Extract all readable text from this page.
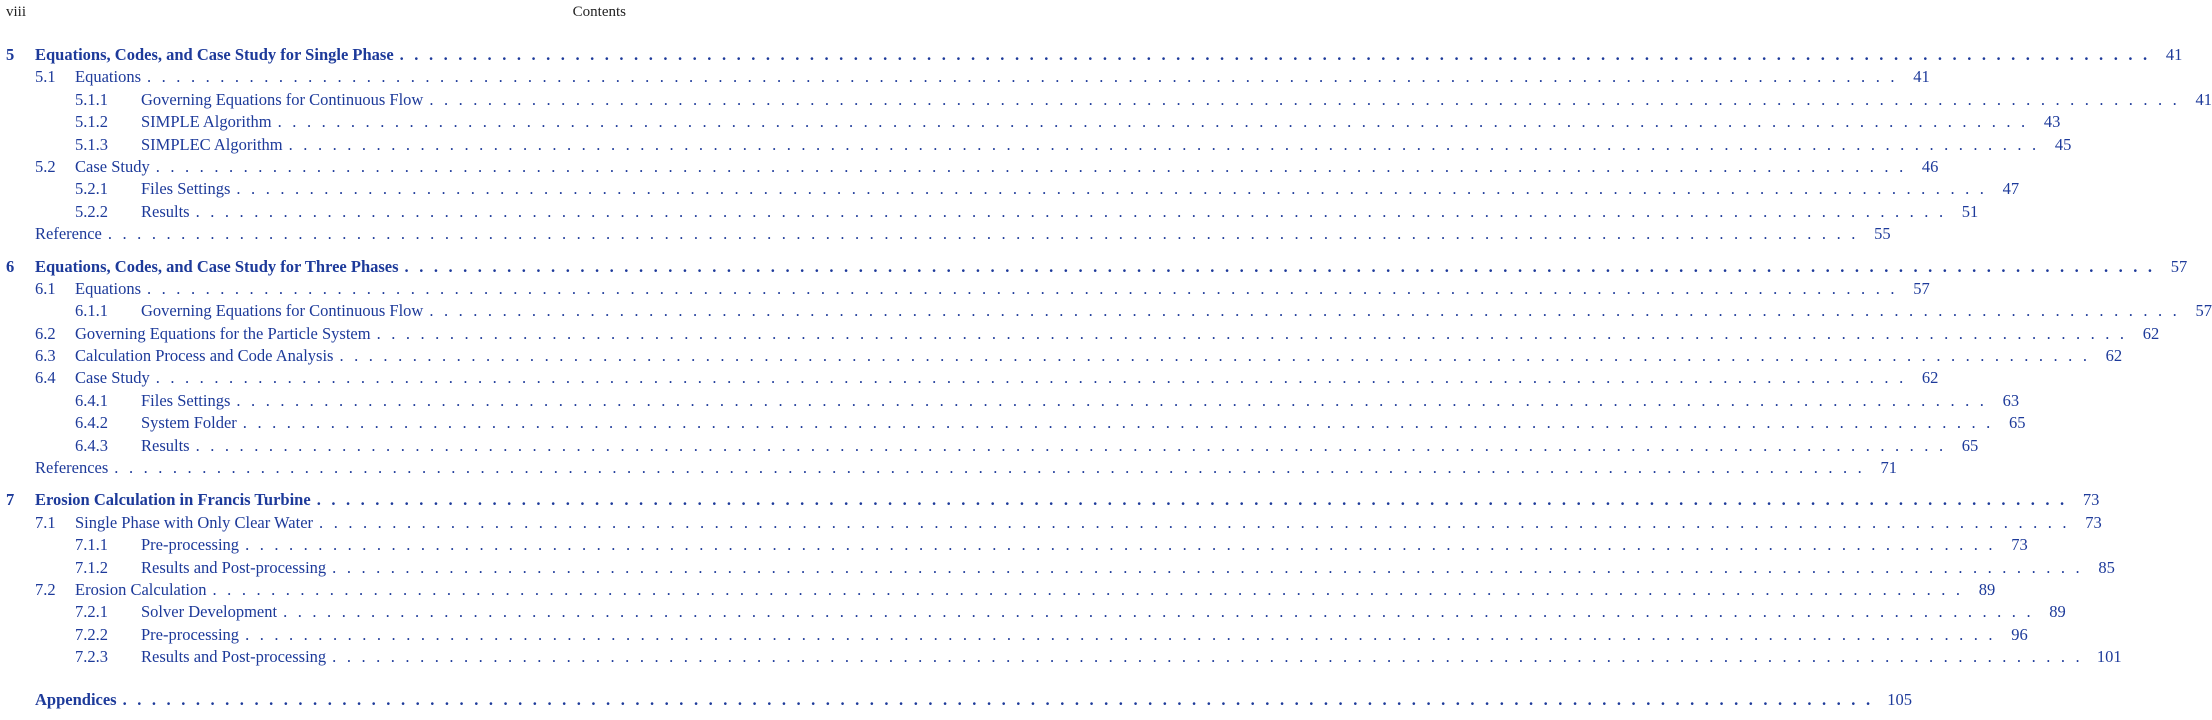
viii	Contents
5 Equations, Codes, and Case Study for Single Phase . . . . . . . . . . . . . . . . . . . . . . . . . . . . . . . . . . . . . . . . . . . . . . . . . . . . . . . . . . . . . . . . . . . . . . . . . . . . . . . . . . . . . . . . . . . . . . . . . . . . . . . . . . . . . . . . . . . . . . . . 41
5.1 Equations . . . . . . . . . . . . . . . . . . . . . . . . . . . . . . . . . . . . . . . . . . . . . . . . . . . . . . . . . . . . . . . . . . . . . . . . . . . . . . . . . . . . . . . . . . . . . . . . . . . . . . . . . . . . . . . . . . . . . . . . 41
5.1.1 Governing Equations for Continuous Flow . . . . . . . . . . . . . . . . . . . . . . . . . . . . . . . . . . . . . . . . . . . . . . . . . . . . . . . . . . . . . . . . . . . . . . . . . . . . . . . . . . . . . . . . . . . . . . . . . . . . . . . . . . . . . . . . . . . . . . . . 41
5.1.2 SIMPLE Algorithm . . . . . . . . . . . . . . . . . . . . . . . . . . . . . . . . . . . . . . . . . . . . . . . . . . . . . . . . . . . . . . . . . . . . . . . . . . . . . . . . . . . . . . . . . . . . . . . . . . . . . . . . . . . . . . . . . . . . . . . . 43
5.1.3 SIMPLEC Algorithm . . . . . . . . . . . . . . . . . . . . . . . . . . . . . . . . . . . . . . . . . . . . . . . . . . . . . . . . . . . . . . . . . . . . . . . . . . . . . . . . . . . . . . . . . . . . . . . . . . . . . . . . . . . . . . . . . . . . . . . . 45
5.2 Case Study . . . . . . . . . . . . . . . . . . . . . . . . . . . . . . . . . . . . . . . . . . . . . . . . . . . . . . . . . . . . . . . . . . . . . . . . . . . . . . . . . . . . . . . . . . . . . . . . . . . . . . . . . . . . . . . . . . . . . . . . 46
5.2.1 Files Settings . . . . . . . . . . . . . . . . . . . . . . . . . . . . . . . . . . . . . . . . . . . . . . . . . . . . . . . . . . . . . . . . . . . . . . . . . . . . . . . . . . . . . . . . . . . . . . . . . . . . . . . . . . . . . . . . . . . . . . . . 47
5.2.2 Results . . . . . . . . . . . . . . . . . . . . . . . . . . . . . . . . . . . . . . . . . . . . . . . . . . . . . . . . . . . . . . . . . . . . . . . . . . . . . . . . . . . . . . . . . . . . . . . . . . . . . . . . . . . . . . . . . . . . . . . . 51
Reference . . . . . . . . . . . . . . . . . . . . . . . . . . . . . . . . . . . . . . . . . . . . . . . . . . . . . . . . . . . . . . . . . . . . . . . . . . . . . . . . . . . . . . . . . . . . . . . . . . . . . . . . . . . . . . . . . . . . . . . . 55
6 Equations, Codes, and Case Study for Three Phases . . . . . . . . . . . . . . . . . . . . . . . . . . . . . . . . . . . . . . . . . . . . . . . . . . . . . . . . . . . . . . . . . . . . . . . . . . . . . . . . . . . . . . . . . . . . . . . . . . . . . . . . . . . . . . . . . . . . . . . . 57
6.1 Equations . . . . . . . . . . . . . . . . . . . . . . . . . . . . . . . . . . . . . . . . . . . . . . . . . . . . . . . . . . . . . . . . . . . . . . . . . . . . . . . . . . . . . . . . . . . . . . . . . . . . . . . . . . . . . . . . . . . . . . . . 57
6.1.1 Governing Equations for Continuous Flow . . . . . . . . . . . . . . . . . . . . . . . . . . . . . . . . . . . . . . . . . . . . . . . . . . . . . . . . . . . . . . . . . . . . . . . . . . . . . . . . . . . . . . . . . . . . . . . . . . . . . . . . . . . . . . . . . . . . . . . . 57
6.2 Governing Equations for the Particle System . . . . . . . . . . . . . . . . . . . . . . . . . . . . . . . . . . . . . . . . . . . . . . . . . . . . . . . . . . . . . . . . . . . . . . . . . . . . . . . . . . . . . . . . . . . . . . . . . . . . . . . . . . . . . . . . . . . . . . . . 62
6.3 Calculation Process and Code Analysis . . . . . . . . . . . . . . . . . . . . . . . . . . . . . . . . . . . . . . . . . . . . . . . . . . . . . . . . . . . . . . . . . . . . . . . . . . . . . . . . . . . . . . . . . . . . . . . . . . . . . . . . . . . . . . . . . . . . . . . . 62
6.4 Case Study . . . . . . . . . . . . . . . . . . . . . . . . . . . . . . . . . . . . . . . . . . . . . . . . . . . . . . . . . . . . . . . . . . . . . . . . . . . . . . . . . . . . . . . . . . . . . . . . . . . . . . . . . . . . . . . . . . . . . . . . 62
6.4.1 Files Settings . . . . . . . . . . . . . . . . . . . . . . . . . . . . . . . . . . . . . . . . . . . . . . . . . . . . . . . . . . . . . . . . . . . . . . . . . . . . . . . . . . . . . . . . . . . . . . . . . . . . . . . . . . . . . . . . . . . . . . . . 63
6.4.2 System Folder . . . . . . . . . . . . . . . . . . . . . . . . . . . . . . . . . . . . . . . . . . . . . . . . . . . . . . . . . . . . . . . . . . . . . . . . . . . . . . . . . . . . . . . . . . . . . . . . . . . . . . . . . . . . . . . . . . . . . . . . 65
6.4.3 Results . . . . . . . . . . . . . . . . . . . . . . . . . . . . . . . . . . . . . . . . . . . . . . . . . . . . . . . . . . . . . . . . . . . . . . . . . . . . . . . . . . . . . . . . . . . . . . . . . . . . . . . . . . . . . . . . . . . . . . . . 65
References . . . . . . . . . . . . . . . . . . . . . . . . . . . . . . . . . . . . . . . . . . . . . . . . . . . . . . . . . . . . . . . . . . . . . . . . . . . . . . . . . . . . . . . . . . . . . . . . . . . . . . . . . . . . . . . . . . . . . . . . 71
7 Erosion Calculation in Francis Turbine . . . . . . . . . . . . . . . . . . . . . . . . . . . . . . . . . . . . . . . . . . . . . . . . . . . . . . . . . . . . . . . . . . . . . . . . . . . . . . . . . . . . . . . . . . . . . . . . . . . . . . . . . . . . . . . . . . . . . . . . 73
7.1 Single Phase with Only Clear Water . . . . . . . . . . . . . . . . . . . . . . . . . . . . . . . . . . . . . . . . . . . . . . . . . . . . . . . . . . . . . . . . . . . . . . . . . . . . . . . . . . . . . . . . . . . . . . . . . . . . . . . . . . . . . . . . . . . . . . . . 73
7.1.1 Pre-processing . . . . . . . . . . . . . . . . . . . . . . . . . . . . . . . . . . . . . . . . . . . . . . . . . . . . . . . . . . . . . . . . . . . . . . . . . . . . . . . . . . . . . . . . . . . . . . . . . . . . . . . . . . . . . . . . . . . . . . . . 73
7.1.2 Results and Post-processing . . . . . . . . . . . . . . . . . . . . . . . . . . . . . . . . . . . . . . . . . . . . . . . . . . . . . . . . . . . . . . . . . . . . . . . . . . . . . . . . . . . . . . . . . . . . . . . . . . . . . . . . . . . . . . . . . . . . . . . . 85
7.2 Erosion Calculation . . . . . . . . . . . . . . . . . . . . . . . . . . . . . . . . . . . . . . . . . . . . . . . . . . . . . . . . . . . . . . . . . . . . . . . . . . . . . . . . . . . . . . . . . . . . . . . . . . . . . . . . . . . . . . . . . . . . . . . . 89
7.2.1 Solver Development . . . . . . . . . . . . . . . . . . . . . . . . . . . . . . . . . . . . . . . . . . . . . . . . . . . . . . . . . . . . . . . . . . . . . . . . . . . . . . . . . . . . . . . . . . . . . . . . . . . . . . . . . . . . . . . . . . . . . . . . 89
7.2.2 Pre-processing . . . . . . . . . . . . . . . . . . . . . . . . . . . . . . . . . . . . . . . . . . . . . . . . . . . . . . . . . . . . . . . . . . . . . . . . . . . . . . . . . . . . . . . . . . . . . . . . . . . . . . . . . . . . . . . . . . . . . . . . 96
7.2.3 Results and Post-processing . . . . . . . . . . . . . . . . . . . . . . . . . . . . . . . . . . . . . . . . . . . . . . . . . . . . . . . . . . . . . . . . . . . . . . . . . . . . . . . . . . . . . . . . . . . . . . . . . . . . . . . . . . . . . . . . . . . . . . . . 101
Appendices . . . . . . . . . . . . . . . . . . . . . . . . . . . . . . . . . . . . . . . . . . . . . . . . . . . . . . . . . . . . . . . . . . . . . . . . . . . . . . . . . . . . . . . . . . . . . . . . . . . . . . . . . . . . . . . . . . . . . . . . 105
